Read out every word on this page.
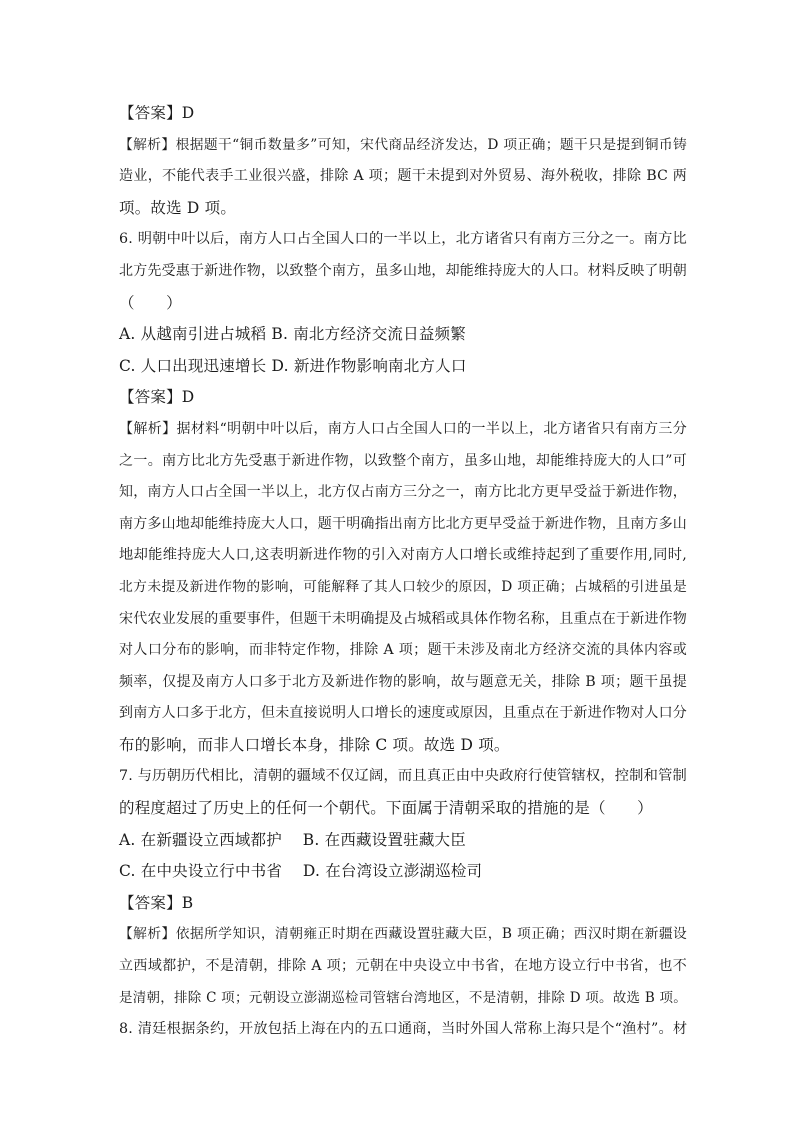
【答案】D
【解析】根据题干“铜币数量多”可知，宋代商品经济发达，D 项正确；题干只是提到铜币铸
造业，不能代表手工业很兴盛，排除 A 项；题干未提到对外贸易、海外税收，排除 BC 两
项。故选 D 项。
6. 明朝中叶以后，南方人口占全国人口的一半以上，北方诸省只有南方三分之一。南方比
北方先受惠于新进作物，以致整个南方，虽多山地，却能维持庞大的人口。材料反映了明朝
（　　）
A. 从越南引进占城稻 B. 南北方经济交流日益频繁
C. 人口出现迅速增长 D. 新进作物影响南北方人口
【答案】D
【解析】据材料“明朝中叶以后，南方人口占全国人口的一半以上，北方诸省只有南方三分
之一。南方比北方先受惠于新进作物，以致整个南方，虽多山地，却能维持庞大的人口”可
知，南方人口占全国一半以上，北方仅占南方三分之一，南方比北方更早受益于新进作物，
南方多山地却能维持庞大人口，题干明确指出南方比北方更早受益于新进作物，且南方多山
地却能维持庞大人口,这表明新进作物的引入对南方人口增长或维持起到了重要作用,同时,
北方未提及新进作物的影响，可能解释了其人口较少的原因，D 项正确；占城稻的引进虽是
宋代农业发展的重要事件，但题干未明确提及占城稻或具体作物名称，且重点在于新进作物
对人口分布的影响，而非特定作物，排除 A 项；题干未涉及南北方经济交流的具体内容或
频率，仅提及南方人口多于北方及新进作物的影响，故与题意无关，排除 B 项；题干虽提
到南方人口多于北方，但未直接说明人口增长的速度或原因，且重点在于新进作物对人口分
布的影响，而非人口增长本身，排除 C 项。故选 D 项。
7. 与历朝历代相比，清朝的疆域不仅辽阔，而且真正由中央政府行使管辖权，控制和管制
的程度超过了历史上的任何一个朝代。下面属于清朝采取的措施的是（　　）
A. 在新疆设立西域都护　 B. 在西藏设置驻藏大臣
C. 在中央设立行中书省　 D. 在台湾设立澎湖巡检司
【答案】B
【解析】依据所学知识，清朝雍正时期在西藏设置驻藏大臣，B 项正确；西汉时期在新疆设
立西域都护，不是清朝，排除 A 项；元朝在中央设立中书省，在地方设立行中书省，也不
是清朝，排除 C 项；元朝设立澎湖巡检司管辖台湾地区，不是清朝，排除 D 项。故选 B 项。
8. 清廷根据条约，开放包括上海在内的五口通商，当时外国人常称上海只是个“渔村”。材
